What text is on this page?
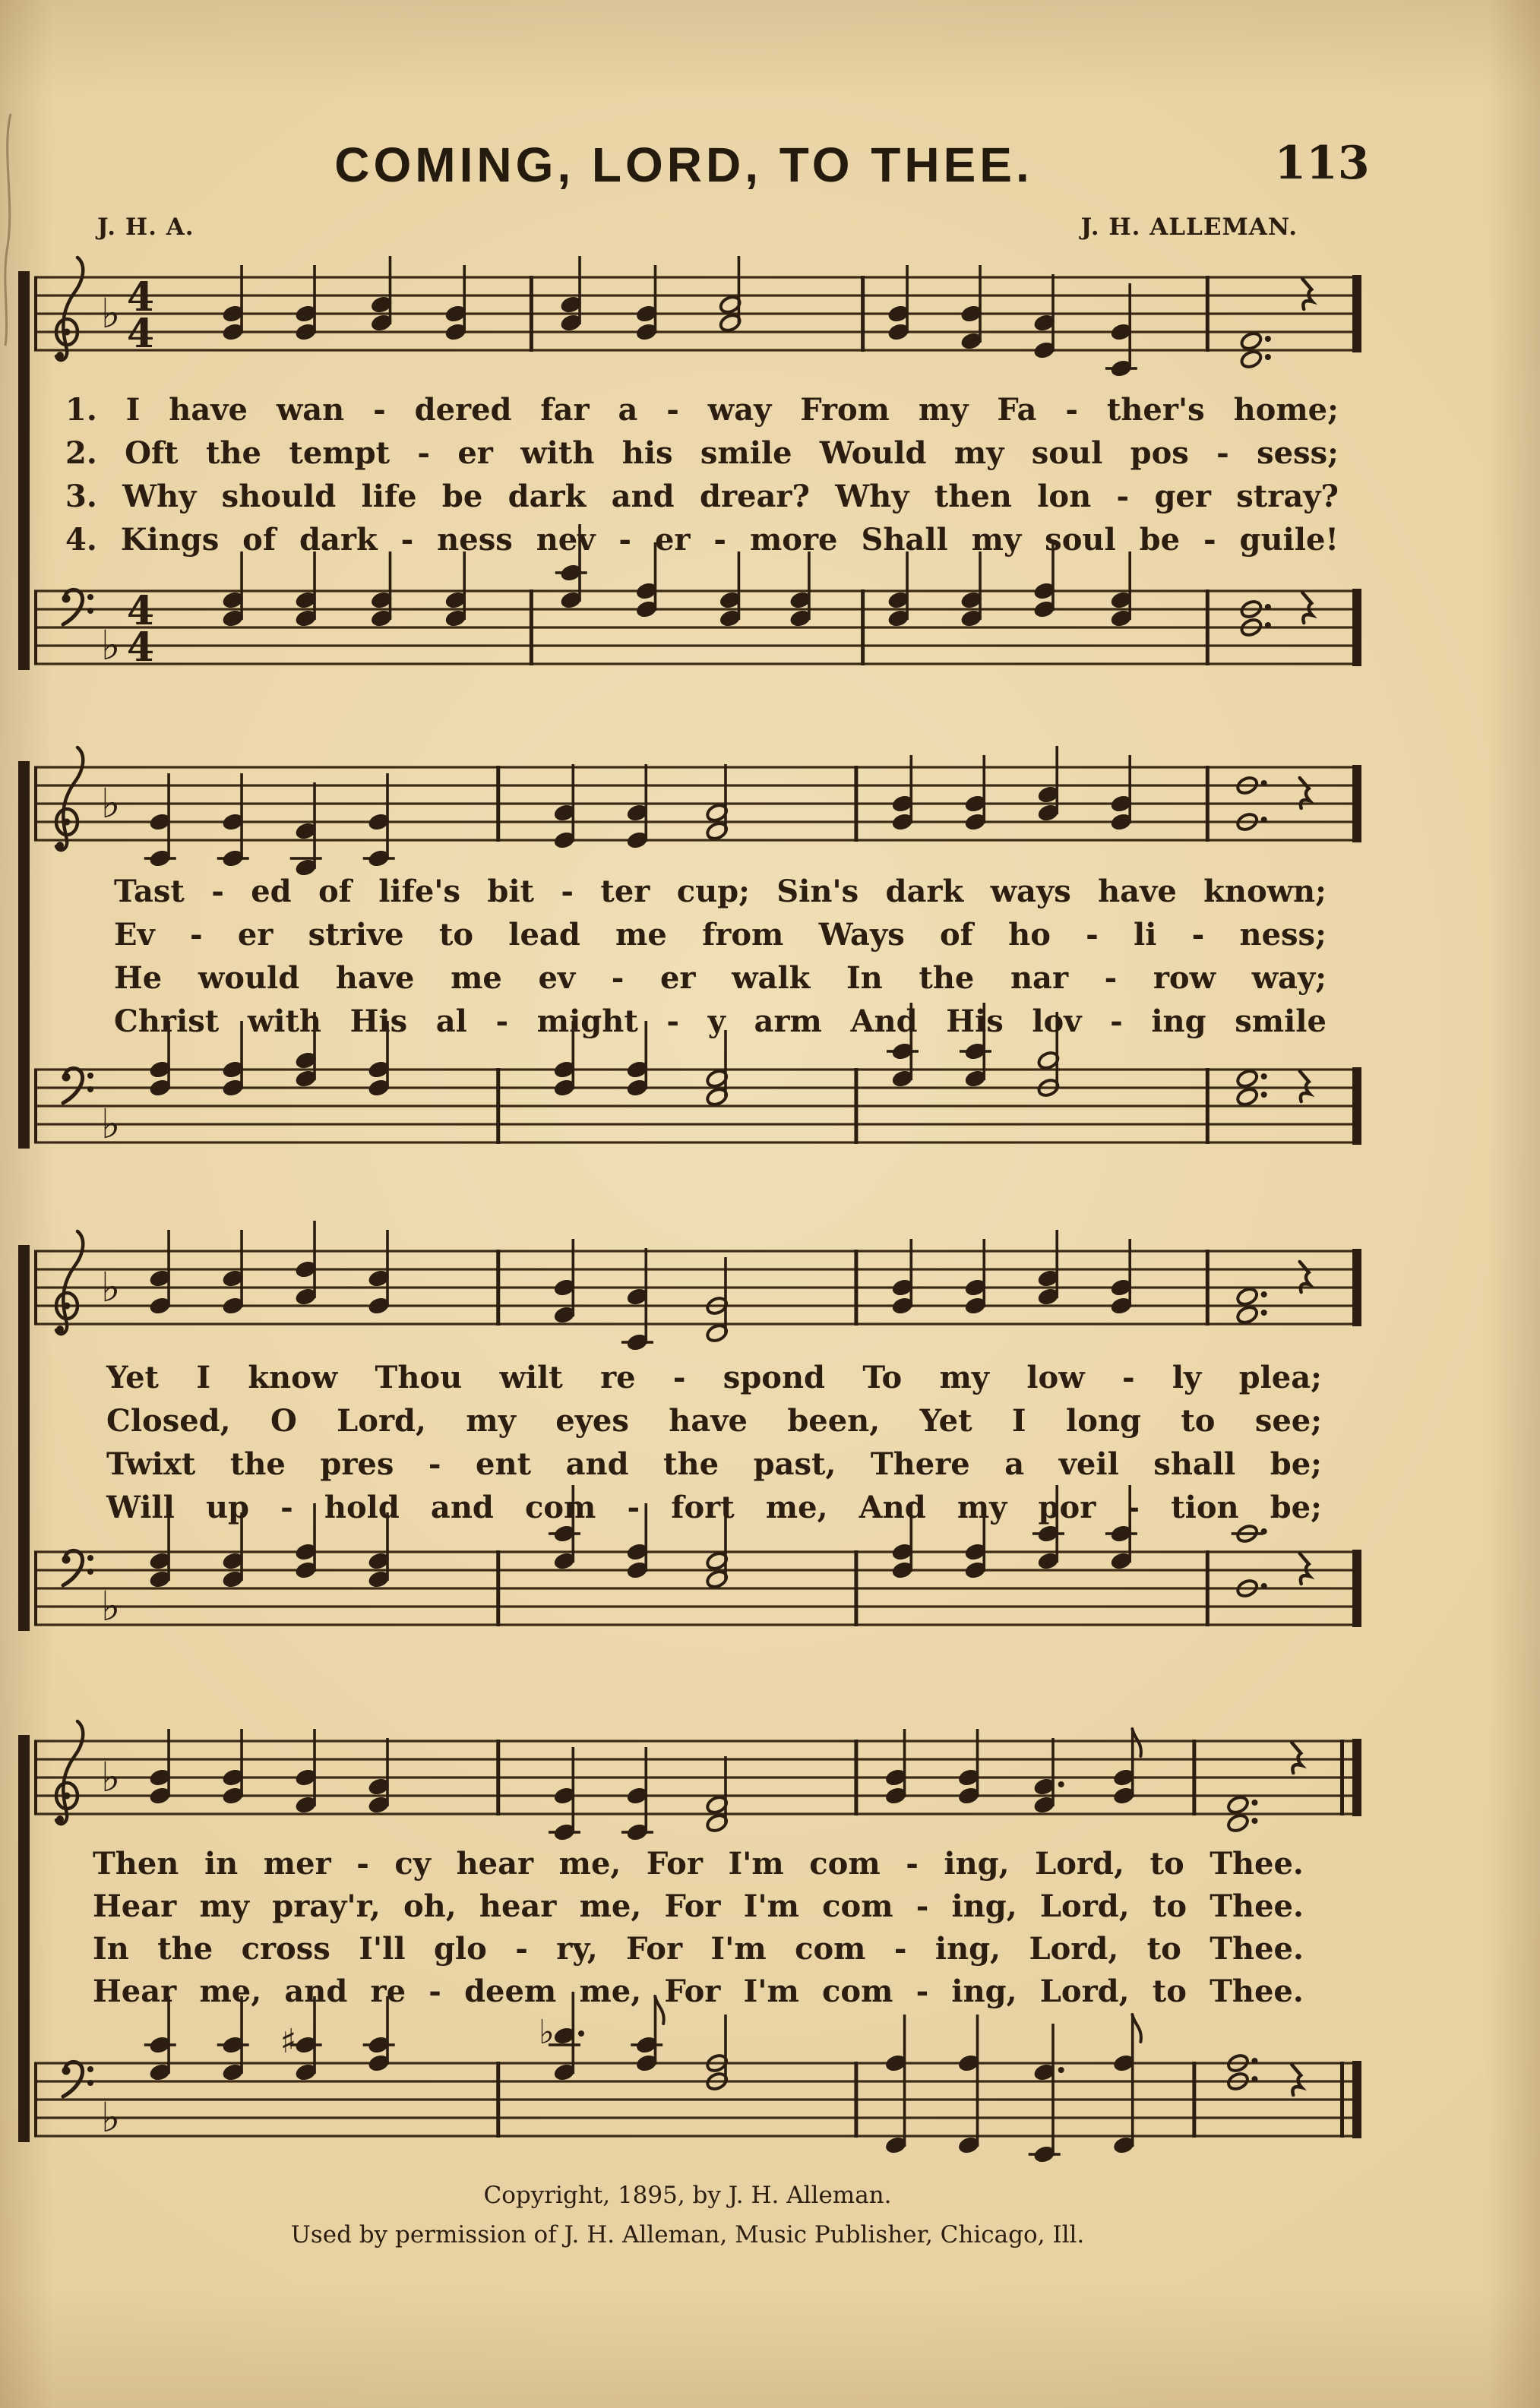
COMING, LORD, TO THEE.	113
J. H. A.	J. H. ALLEMAN.
♭ 4
4
♭
4
4
♭
♭
♭
♭
♭
♭
♯	♭
1. I have wan - dered far a - way From my Fa - ther's home;
2. Oft the tempt - er with his smile Would my soul pos - sess;
3. Why should life be dark and drear? Why then lon - ger stray?
4. Kings of dark - ness nev - er - more Shall my soul be - guile!
Tast - ed of life's bit - ter cup; Sin's dark ways have known;
Ev - er strive to lead me from Ways of ho - li - ness;
He would have me ev - er walk In the nar - row way;
Christ with His al - might - y arm And His lov - ing smile
Yet I know Thou wilt re - spond To my low - ly plea;
Closed, O Lord, my eyes have been, Yet I long to see;
Twixt the pres - ent and the past, There a veil shall be;
Will up - hold and com - fort me, And my por - tion be;
Then in mer - cy hear me, For I'm com - ing, Lord, to Thee.
Hear my pray'r, oh, hear me, For I'm com - ing, Lord, to Thee.
In the cross I'll glo - ry, For I'm com - ing, Lord, to Thee.
Hear me, and re - deem me, For I'm com - ing, Lord, to Thee.
Copyright, 1895, by J. H. Alleman.
Used by permission of J. H. Alleman, Music Publisher, Chicago, Ill.
